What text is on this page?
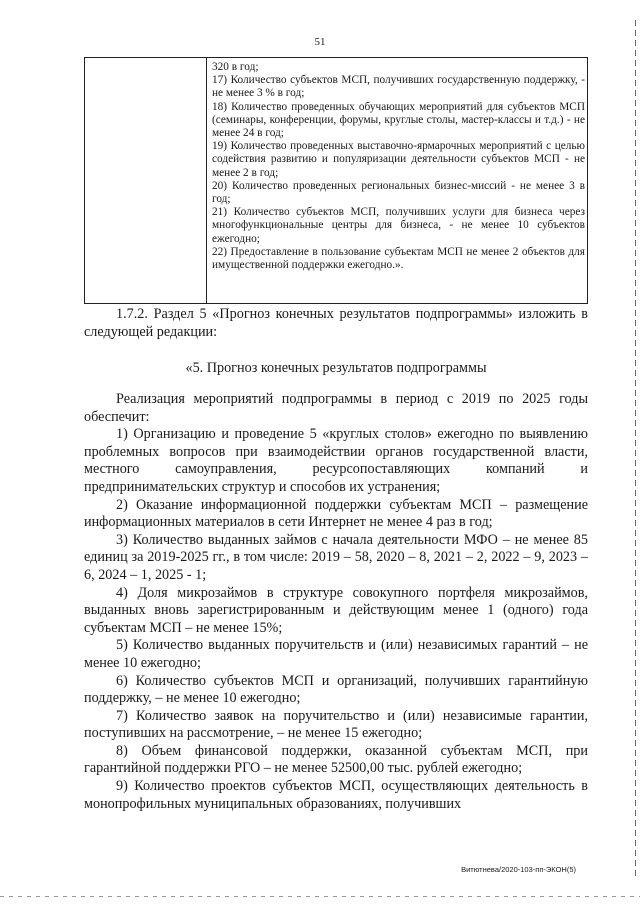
51

320 в год;

17) Количество субъектов МСП, получивших государственную поддержку, - не менее 3 % в год;

18) Количество проведенных обучающих мероприятий для субъектов МСП (семинары, конференции, форумы, круглые столы, мастер-классы и т.д.) - не менее 24 в год;

19) Количество проведенных выставочно-ярмарочных мероприятий с целью содействия развитию и популяризации деятельности субъектов МСП - не менее 2 в год;

20) Количество проведенных региональных бизнес-миссий - не менее 3 в год;

21) Количество субъектов МСП, получивших услуги для бизнеса через многофункциональные центры для бизнеса, - не менее 10 субъектов ежегодно;

22) Предоставление в пользование субъектам МСП не менее 2 объектов для имущественной поддержки ежегодно.».

1.7.2. Раздел 5 «Прогноз конечных результатов подпрограммы» изложить в следующей редакции:

«5. Прогноз конечных результатов подпрограммы

Реализация мероприятий подпрограммы в период с 2019 по 2025 годы обеспечит:

1) Организацию и проведение 5 «круглых столов» ежегодно по выявлению проблемных вопросов при взаимодействии органов государственной власти, местного самоуправления, ресурсопоставляющих компаний и предпринимательских структур и способов их устранения;

2) Оказание информационной поддержки субъектам МСП – размещение информационных материалов в сети Интернет не менее 4 раз в год;

3) Количество выданных займов с начала деятельности МФО – не менее 85 единиц за 2019-2025 гг., в том числе: 2019 – 58, 2020 – 8, 2021 – 2, 2022 – 9, 2023 – 6, 2024 – 1, 2025 - 1;

4) Доля микрозаймов в структуре совокупного портфеля микрозаймов, выданных вновь зарегистрированным и действующим менее 1 (одного) года субъектам МСП – не менее 15%;

5) Количество выданных поручительств и (или) независимых гарантий – не менее 10 ежегодно;

6) Количество субъектов МСП и организаций, получивших гарантийную поддержку, – не менее 10 ежегодно;

7) Количество заявок на поручительство и (или) независимые гарантии, поступивших на рассмотрение, – не менее 15 ежегодно;

8) Объем финансовой поддержки, оказанной субъектам МСП, при гарантийной поддержки РГО – не менее 52500,00 тыс. рублей ежегодно;

9) Количество проектов субъектов МСП, осуществляющих деятельность в монопрофильных муниципальных образованиях, получивших

Витютнева/2020-103-пп-ЭКОН(5)
